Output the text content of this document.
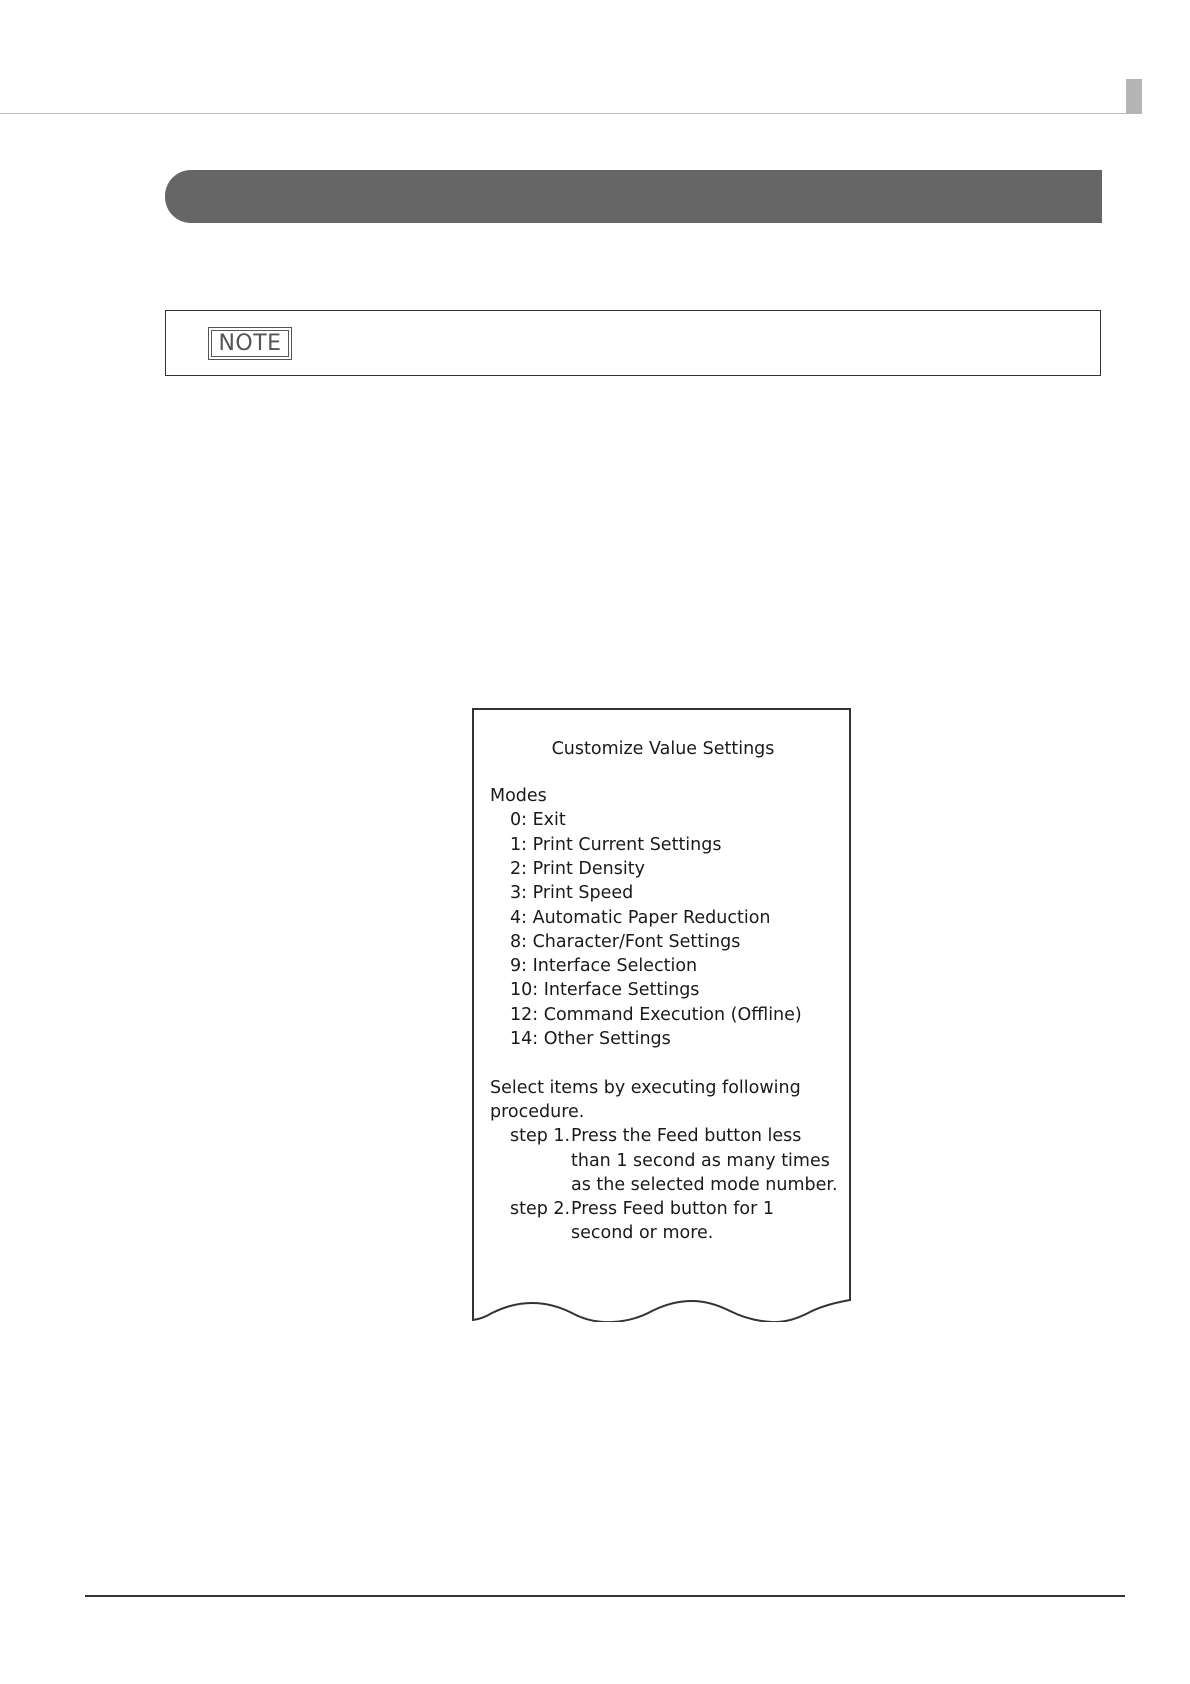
NOTE
Customize Value Settings
Modes
0: Exit
1: Print Current Settings
2: Print Density
3: Print Speed
4: Automatic Paper Reduction
8: Character/Font Settings
9: Interface Selection
10: Interface Settings
12: Command Execution (Offline)
14: Other Settings
Select items by executing following
procedure.
step 1. Press the Feed button less
than 1 second as many times
as the selected mode number.
step 2. Press Feed button for 1
second or more.
